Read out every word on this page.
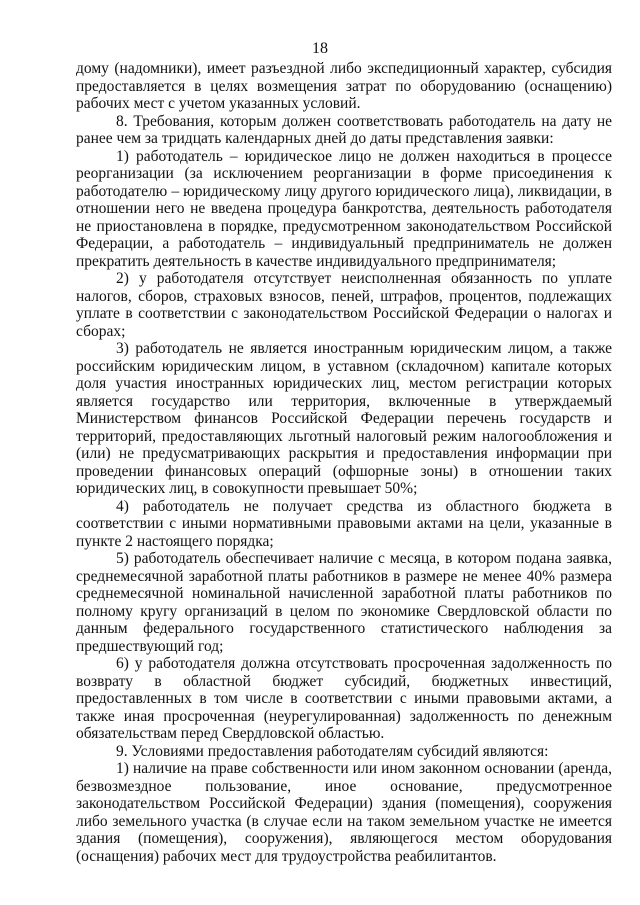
18

дому (надомники), имеет разъездной либо экспедиционный характер, субсидия предоставляется в целях возмещения затрат по оборудованию (оснащению) рабочих мест с учетом указанных условий.

8. Требования, которым должен соответствовать работодатель на дату не ранее чем за тридцать календарных дней до даты представления заявки:

1) работодатель – юридическое лицо не должен находиться в процессе реорганизации (за исключением реорганизации в форме присоединения к работодателю – юридическому лицу другого юридического лица), ликвидации, в отношении него не введена процедура банкротства, деятельность работодателя не приостановлена в порядке, предусмотренном законодательством Российской Федерации, а работодатель – индивидуальный предприниматель не должен прекратить деятельность в качестве индивидуального предпринимателя;

2) у работодателя отсутствует неисполненная обязанность по уплате налогов, сборов, страховых взносов, пеней, штрафов, процентов, подлежащих уплате в соответствии с законодательством Российской Федерации о налогах и сборах;

3) работодатель не является иностранным юридическим лицом, а также российским юридическим лицом, в уставном (складочном) капитале которых доля участия иностранных юридических лиц, местом регистрации которых является государство или территория, включенные в утверждаемый Министерством финансов Российской Федерации перечень государств и территорий, предоставляющих льготный налоговый режим налогообложения и (или) не предусматривающих раскрытия и предоставления информации при проведении финансовых операций (офшорные зоны) в отношении таких юридических лиц, в совокупности превышает 50%;

4) работодатель не получает средства из областного бюджета в соответствии с иными нормативными правовыми актами на цели, указанные в пункте 2 настоящего порядка;

5) работодатель обеспечивает наличие с месяца, в котором подана заявка, среднемесячной заработной платы работников в размере не менее 40% размера среднемесячной номинальной начисленной заработной платы работников по полному кругу организаций в целом по экономике Свердловской области по данным федерального государственного статистического наблюдения за предшествующий год;

6) у работодателя должна отсутствовать просроченная задолженность по возврату в областной бюджет субсидий, бюджетных инвестиций, предоставленных в том числе в соответствии с иными правовыми актами, а также иная просроченная (неурегулированная) задолженность по денежным обязательствам перед Свердловской областью.

9. Условиями предоставления работодателям субсидий являются:

1) наличие на праве собственности или ином законном основании (аренда, безвозмездное пользование, иное основание, предусмотренное законодательством Российской Федерации) здания (помещения), сооружения либо земельного участка (в случае если на таком земельном участке не имеется здания (помещения), сооружения), являющегося местом оборудования (оснащения) рабочих мест для трудоустройства реабилитантов.
